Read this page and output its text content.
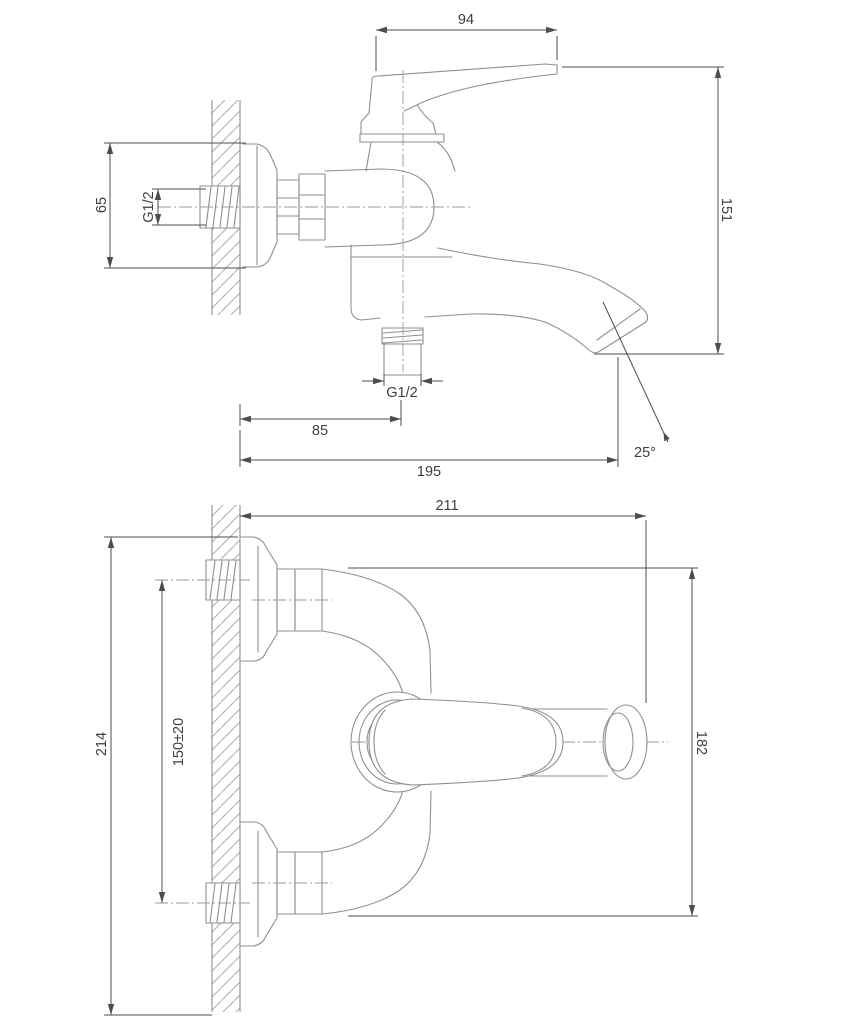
94
151
65 G1/2
G1/2
85
195
25°
211
214	150±20	182
